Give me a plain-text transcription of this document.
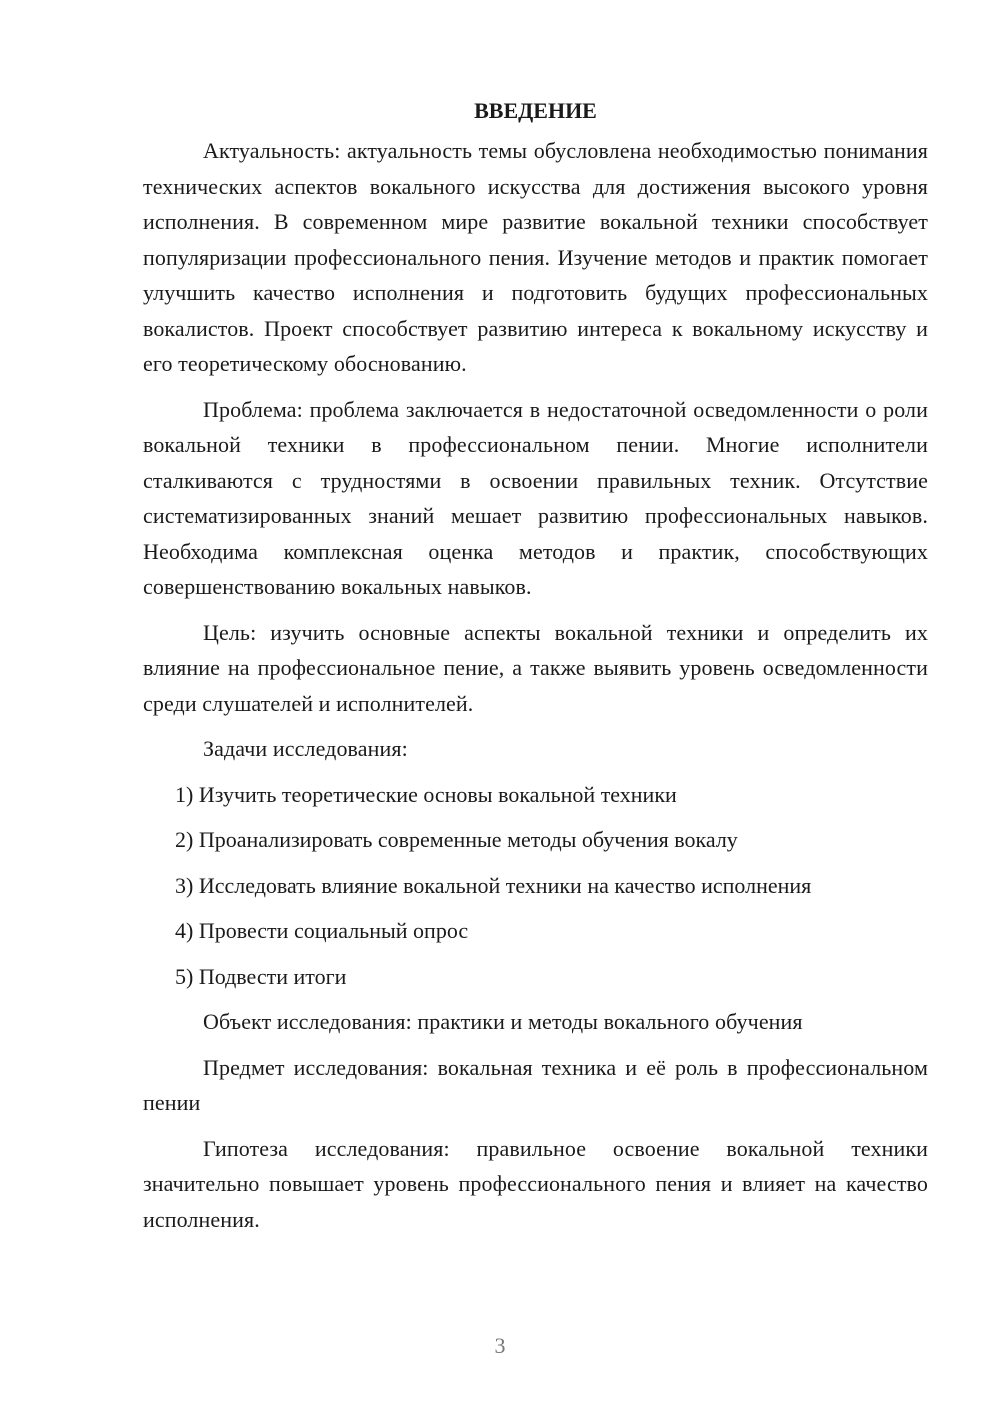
ВВЕДЕНИЕ

Актуальность: актуальность темы обусловлена необходимостью понимания технических аспектов вокального искусства для достижения высокого уровня исполнения. В современном мире развитие вокальной техники способствует популяризации профессионального пения. Изучение методов и практик помогает улучшить качество исполнения и подготовить будущих профессиональных вокалистов. Проект способствует развитию интереса к вокальному искусству и его теоретическому обоснованию.

Проблема: проблема заключается в недостаточной осведомленности о роли вокальной техники в профессиональном пении. Многие исполнители сталкиваются с трудностями в освоении правильных техник. Отсутствие систематизированных знаний мешает развитию профессиональных навыков. Необходима комплексная оценка методов и практик, способствующих совершенствованию вокальных навыков.

Цель: изучить основные аспекты вокальной техники и определить их влияние на профессиональное пение, а также выявить уровень осведомленности среди слушателей и исполнителей.

Задачи исследования:

1) Изучить теоретические основы вокальной техники
2) Проанализировать современные методы обучения вокалу
3) Исследовать влияние вокальной техники на качество исполнения
4) Провести социальный опрос
5) Подвести итоги

Объект исследования: практики и методы вокального обучения

Предмет исследования: вокальная техника и её роль в профессиональном пении

Гипотеза исследования: правильное освоение вокальной техники значительно повышает уровень профессионального пения и влияет на качество исполнения.

3
